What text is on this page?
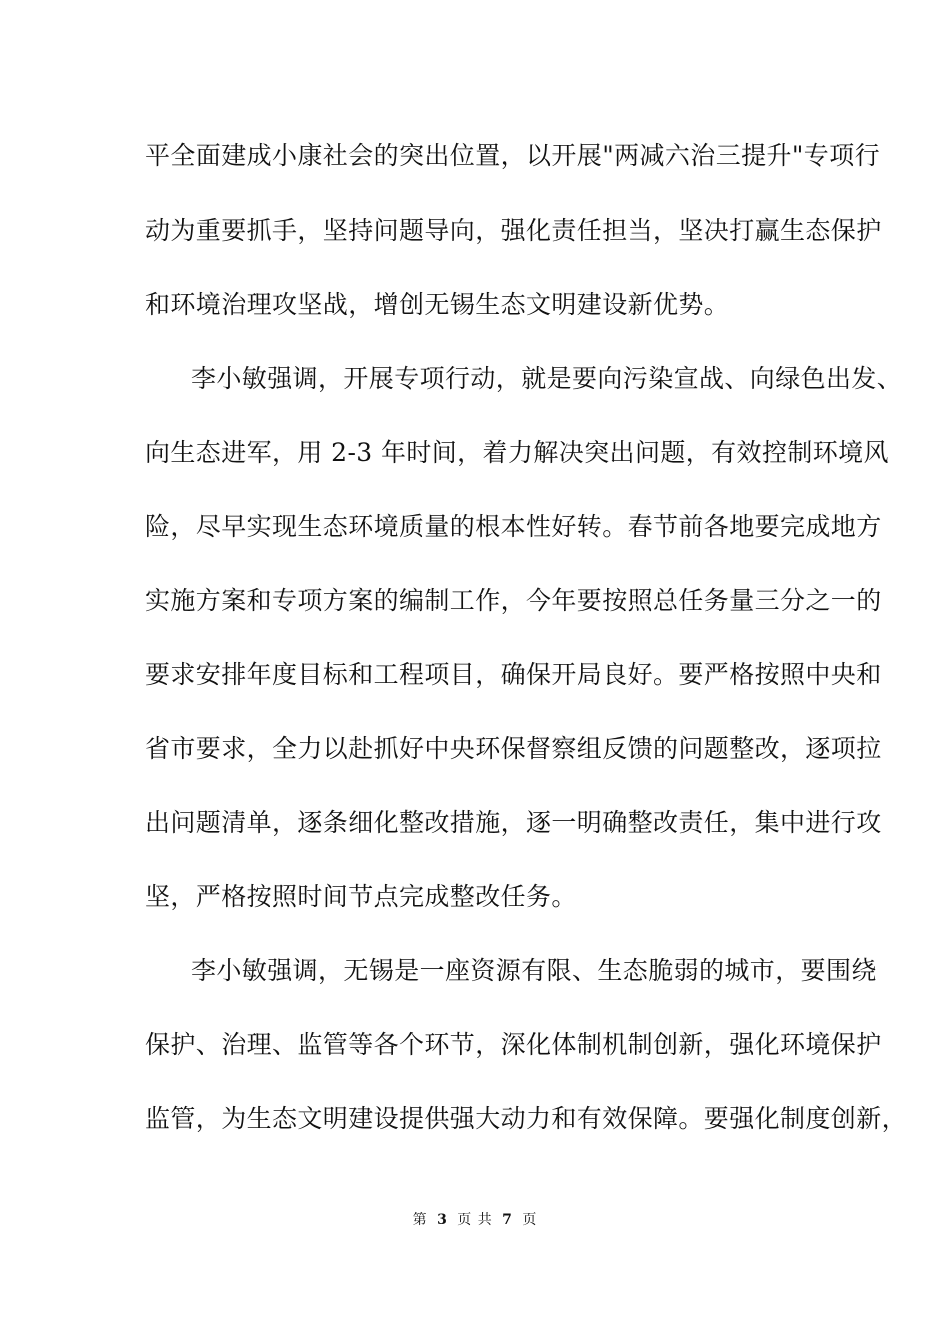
平全面建成小康社会的突出位置，以开展"两减六治三提升"专项行
动为重要抓手，坚持问题导向，强化责任担当，坚决打赢生态保护
和环境治理攻坚战，增创无锡生态文明建设新优势。
李小敏强调，开展专项行动，就是要向污染宣战、向绿色出发、
向生态进军，用 2-3 年时间，着力解决突出问题，有效控制环境风
险，尽早实现生态环境质量的根本性好转。春节前各地要完成地方
实施方案和专项方案的编制工作，今年要按照总任务量三分之一的
要求安排年度目标和工程项目，确保开局良好。要严格按照中央和
省市要求，全力以赴抓好中央环保督察组反馈的问题整改，逐项拉
出问题清单，逐条细化整改措施，逐一明确整改责任，集中进行攻
坚，严格按照时间节点完成整改任务。
李小敏强调，无锡是一座资源有限、生态脆弱的城市，要围绕
保护、治理、监管等各个环节，深化体制机制创新，强化环境保护
监管，为生态文明建设提供强大动力和有效保障。要强化制度创新，
第 3 页 共 7 页
